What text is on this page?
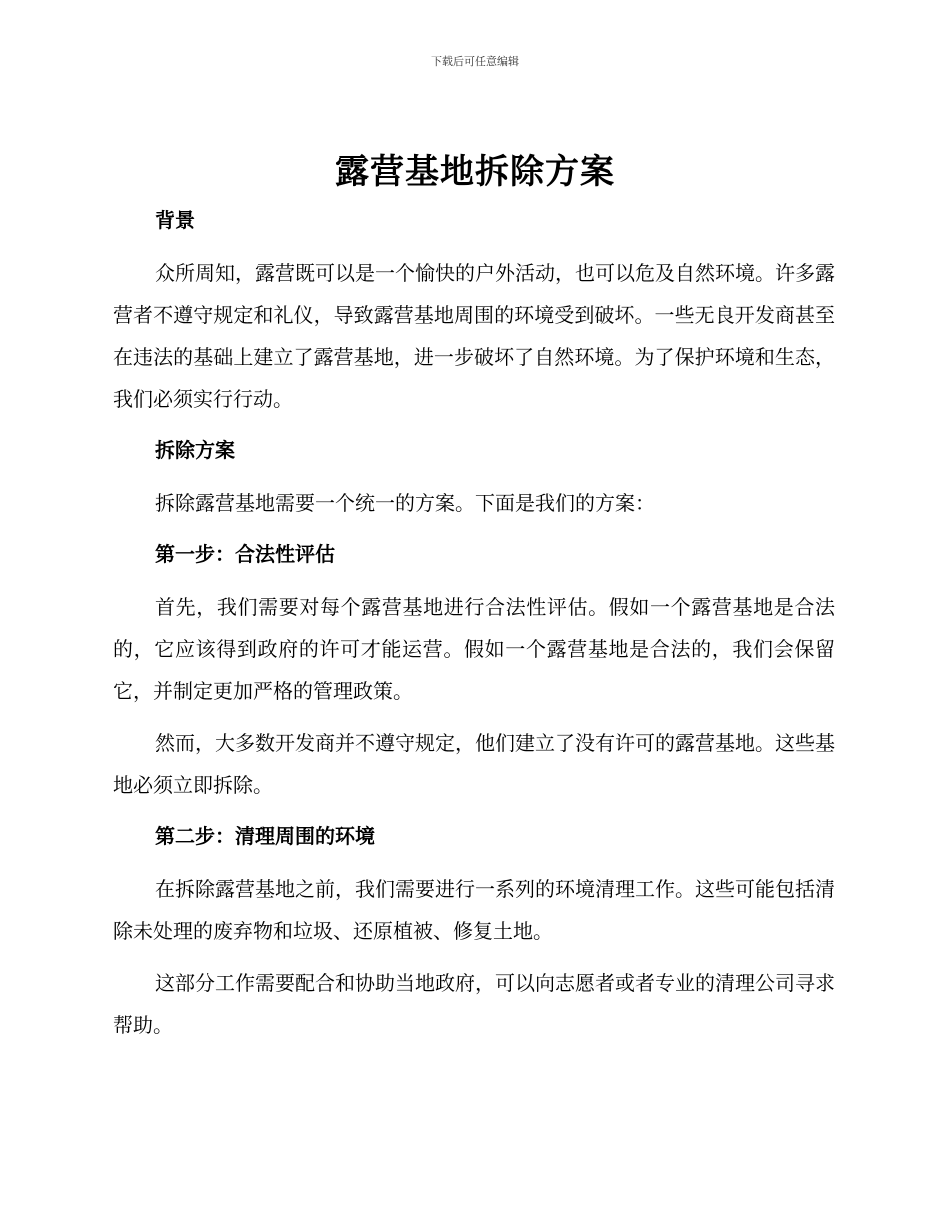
下载后可任意编辑
露营基地拆除方案
背景

众所周知，露营既可以是一个愉快的户外活动，也可以危及自然环境。许多露营者不遵守规定和礼仪，导致露营基地周围的环境受到破坏。一些无良开发商甚至在违法的基础上建立了露营基地，进一步破坏了自然环境。为了保护环境和生态，我们必须实行行动。

拆除方案

拆除露营基地需要一个统一的方案。下面是我们的方案：

第一步：合法性评估

首先，我们需要对每个露营基地进行合法性评估。假如一个露营基地是合法的，它应该得到政府的许可才能运营。假如一个露营基地是合法的，我们会保留它，并制定更加严格的管理政策。

然而，大多数开发商并不遵守规定，他们建立了没有许可的露营基地。这些基地必须立即拆除。

第二步：清理周围的环境

在拆除露营基地之前，我们需要进行一系列的环境清理工作。这些可能包括清除未处理的废弃物和垃圾、还原植被、修复土地。

这部分工作需要配合和协助当地政府，可以向志愿者或者专业的清理公司寻求帮助。
